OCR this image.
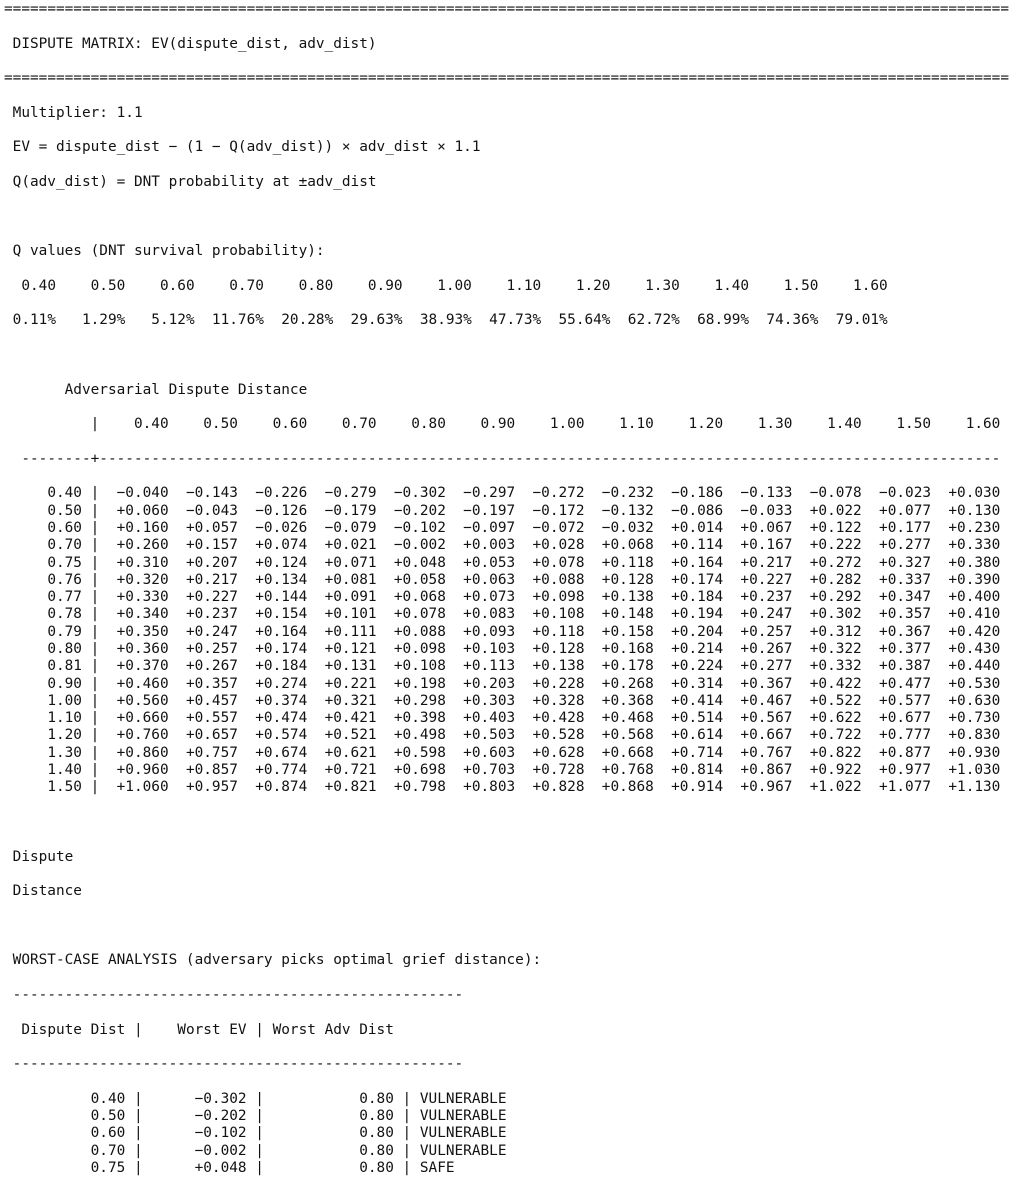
====================================================================================================================

DISPUTE MATRIX: EV(dispute_dist, adv_dist)

====================================================================================================================

Multiplier: 1.1

EV = dispute_dist − (1 − Q(adv_dist)) × adv_dist × 1.1

Q(adv_dist) = DNT probability at ±adv_dist

Q values (DNT survival probability):

0.40    0.50    0.60    0.70    0.80    0.90    1.00    1.10    1.20    1.30    1.40    1.50    1.60

0.11%   1.29%   5.12%  11.76%  20.28%  29.63%  38.93%  47.73%  55.64%  62.72%  68.99%  74.36%  79.01%

Adversarial Dispute Distance

|    0.40    0.50    0.60    0.70    0.80    0.90    1.00    1.10    1.20    1.30    1.40    1.50    1.60

--------+--------------------------------------------------------------------------------------------------------

0.40 |  −0.040  −0.143  −0.226  −0.279  −0.302  −0.297  −0.272  −0.232  −0.186  −0.133  −0.078  −0.023  +0.030
0.50 |  +0.060  −0.043  −0.126  −0.179  −0.202  −0.197  −0.172  −0.132  −0.086  −0.033  +0.022  +0.077  +0.130
0.60 |  +0.160  +0.057  −0.026  −0.079  −0.102  −0.097  −0.072  −0.032  +0.014  +0.067  +0.122  +0.177  +0.230
0.70 |  +0.260  +0.157  +0.074  +0.021  −0.002  +0.003  +0.028  +0.068  +0.114  +0.167  +0.222  +0.277  +0.330
0.75 |  +0.310  +0.207  +0.124  +0.071  +0.048  +0.053  +0.078  +0.118  +0.164  +0.217  +0.272  +0.327  +0.380
0.76 |  +0.320  +0.217  +0.134  +0.081  +0.058  +0.063  +0.088  +0.128  +0.174  +0.227  +0.282  +0.337  +0.390
0.77 |  +0.330  +0.227  +0.144  +0.091  +0.068  +0.073  +0.098  +0.138  +0.184  +0.237  +0.292  +0.347  +0.400
0.78 |  +0.340  +0.237  +0.154  +0.101  +0.078  +0.083  +0.108  +0.148  +0.194  +0.247  +0.302  +0.357  +0.410
0.79 |  +0.350  +0.247  +0.164  +0.111  +0.088  +0.093  +0.118  +0.158  +0.204  +0.257  +0.312  +0.367  +0.420
0.80 |  +0.360  +0.257  +0.174  +0.121  +0.098  +0.103  +0.128  +0.168  +0.214  +0.267  +0.322  +0.377  +0.430
0.81 |  +0.370  +0.267  +0.184  +0.131  +0.108  +0.113  +0.138  +0.178  +0.224  +0.277  +0.332  +0.387  +0.440
0.90 |  +0.460  +0.357  +0.274  +0.221  +0.198  +0.203  +0.228  +0.268  +0.314  +0.367  +0.422  +0.477  +0.530
1.00 |  +0.560  +0.457  +0.374  +0.321  +0.298  +0.303  +0.328  +0.368  +0.414  +0.467  +0.522  +0.577  +0.630
1.10 |  +0.660  +0.557  +0.474  +0.421  +0.398  +0.403  +0.428  +0.468  +0.514  +0.567  +0.622  +0.677  +0.730
1.20 |  +0.760  +0.657  +0.574  +0.521  +0.498  +0.503  +0.528  +0.568  +0.614  +0.667  +0.722  +0.777  +0.830
1.30 |  +0.860  +0.757  +0.674  +0.621  +0.598  +0.603  +0.628  +0.668  +0.714  +0.767  +0.822  +0.877  +0.930
1.40 |  +0.960  +0.857  +0.774  +0.721  +0.698  +0.703  +0.728  +0.768  +0.814  +0.867  +0.922  +0.977  +1.030
1.50 |  +1.060  +0.957  +0.874  +0.821  +0.798  +0.803  +0.828  +0.868  +0.914  +0.967  +1.022  +1.077  +1.130

Dispute

Distance

WORST-CASE ANALYSIS (adversary picks optimal grief distance):

----------------------------------------------------

Dispute Dist |    Worst EV | Worst Adv Dist

----------------------------------------------------

0.40 |      −0.302 |           0.80 | VULNERABLE
0.50 |      −0.202 |           0.80 | VULNERABLE
0.60 |      −0.102 |           0.80 | VULNERABLE
0.70 |      −0.002 |           0.80 | VULNERABLE
0.75 |      +0.048 |           0.80 | SAFE
